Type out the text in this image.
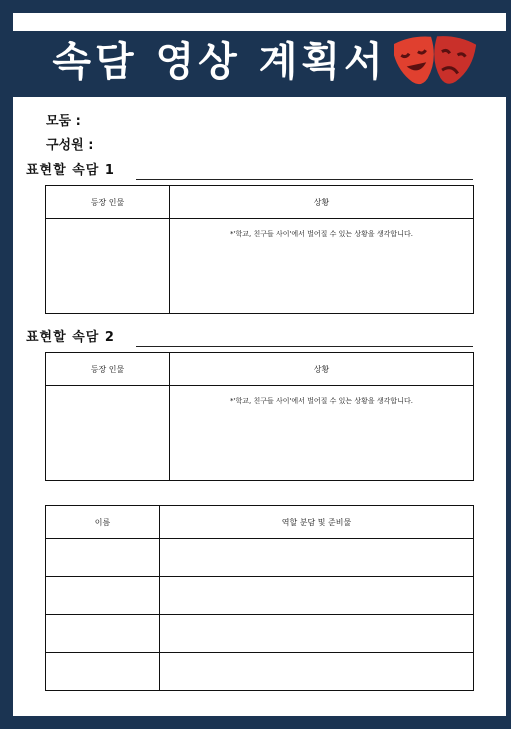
속담 영상 계획서
모둠 :
구성원 :
표현할 속담 1
등장 인물	상황
	*'학교, 친구들 사이'에서 벌어질 수 있는 상황을 생각합니다.
표현할 속담 2
등장 인물	상황
	*'학교, 친구들 사이'에서 벌어질 수 있는 상황을 생각합니다.
이름	역할 분담 및 준비물
